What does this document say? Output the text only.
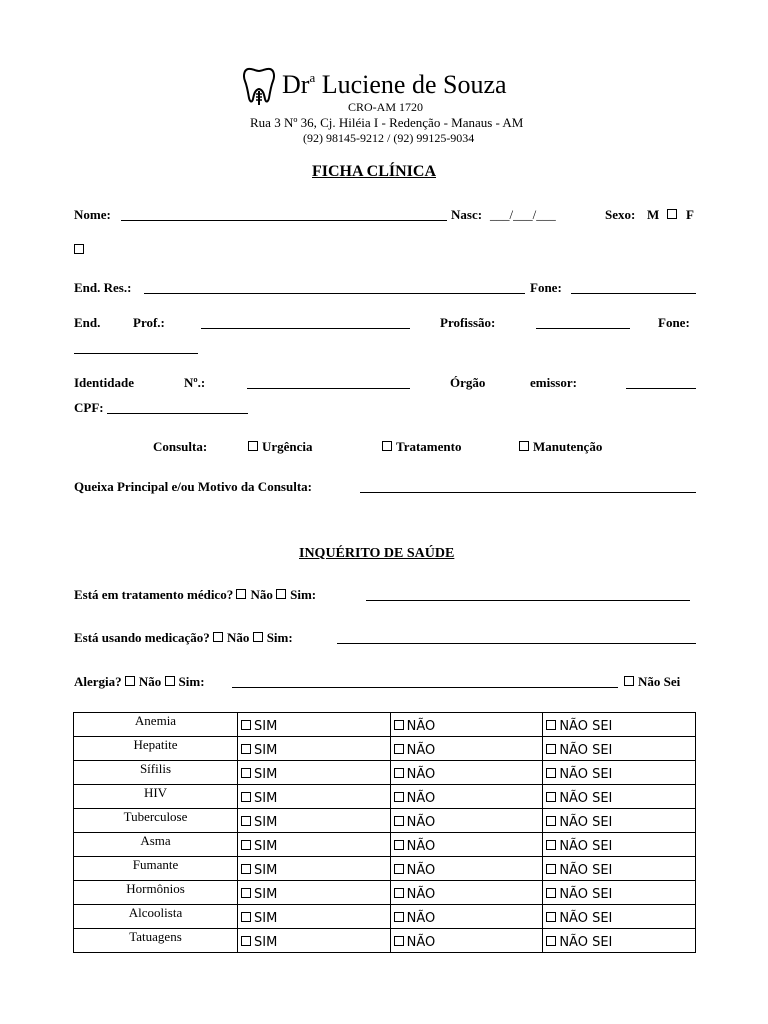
Dr$^a$ Luciene de Souza
CRO-AM 1720
Rua 3 Nº 36, Cj. Hiléia I - Redenção - Manaus - AM
(92) 98145-9212 / (92) 99125-9034
FICHA CLÍNICA
Nome:	Nasc: ___/___/___	Sexo: M	F
End. Res.:	Fone:
End.	Prof.:	Profissão:	Fone:
Identidade	Nº.:	Órgão	emissor:
CPF:
Consulta:	Urgência	Tratamento	Manutenção
Queixa Principal e/ou Motivo da Consulta:
INQUÉRITO DE SAÚDE
Está em tratamento médico? Não Sim:
Está usando medicação? Não Sim:
Alergia? Não Sim:	Não Sei
Anemia	SIM	NÃO	NÃO SEI
Hepatite	SIM	NÃO	NÃO SEI
Sífilis	SIM	NÃO	NÃO SEI
HIV	SIM	NÃO	NÃO SEI
Tuberculose	SIM	NÃO	NÃO SEI
Asma	SIM	NÃO	NÃO SEI
Fumante	SIM	NÃO	NÃO SEI
Hormônios	SIM	NÃO	NÃO SEI
Alcoolista	SIM	NÃO	NÃO SEI
Tatuagens	SIM	NÃO	NÃO SEI
